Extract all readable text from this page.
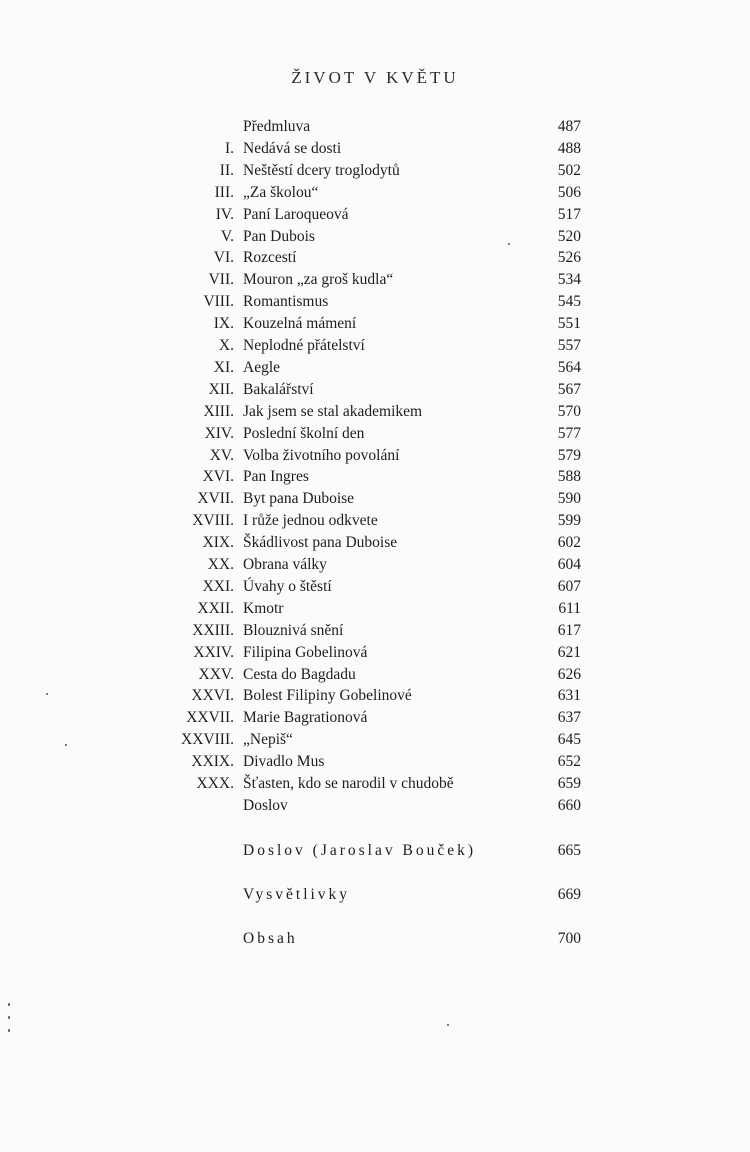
ŽIVOT V KVĚTU
Předmluva	487
I. Nedává se dosti	488
II. Neštěstí dcery troglodytů	502
III. „Za školou“	506
IV. Paní Laroqueová	517
V. Pan Dubois	520
VI. Rozcestí	526
VII. Mouron „za groš kudla“	534
VIII. Romantismus	545
IX. Kouzelná mámení	551
X. Neplodné přátelství	557
XI. Aegle	564
XII. Bakalářství	567
XIII. Jak jsem se stal akademikem	570
XIV. Poslední školní den	577
XV. Volba životního povolání	579
XVI. Pan Ingres	588
XVII. Byt pana Duboise	590
XVIII. I růže jednou odkvete	599
XIX. Škádlivost pana Duboise	602
XX. Obrana války	604
XXI. Úvahy o štěstí	607
XXII. Kmotr	611
XXIII. Blouznivá snění	617
XXIV. Filipina Gobelinová	621
XXV. Cesta do Bagdadu	626
XXVI. Bolest Filipiny Gobelinové	631
XXVII. Marie Bagrationová	637
XXVIII. „Nepiš“	645
XXIX. Divadlo Mus	652
XXX. Šťasten, kdo se narodil v chudobě	659
Doslov	660
Doslov (Jaroslav Bouček)	665
Vysvětlivky	669
Obsah	700
